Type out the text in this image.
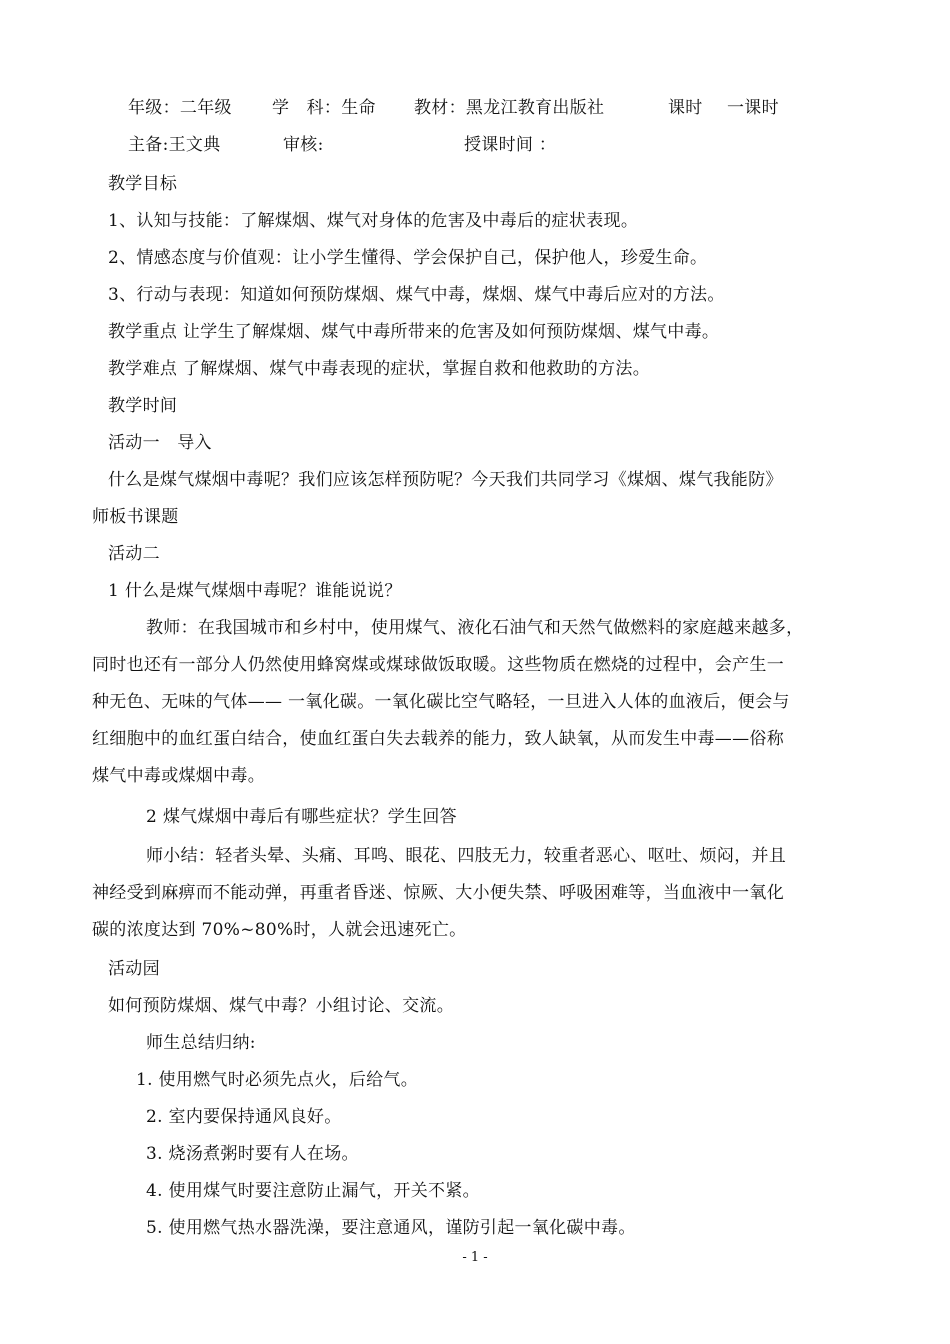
年级：二年级 学　科：生命 教材：黑龙江教育出版社	课时 一课时
主备:王文典	审核:	授课时间 ：
教学目标
1、认知与技能：了解煤烟、煤气对身体的危害及中毒后的症状表现。
2、情感态度与价值观：让小学生懂得、学会保护自己，保护他人，珍爱生命。
3、行动与表现：知道如何预防煤烟、煤气中毒，煤烟、煤气中毒后应对的方法。
教学重点 让学生了解煤烟、煤气中毒所带来的危害及如何预防煤烟、煤气中毒。
教学难点 了解煤烟、煤气中毒表现的症状，掌握自救和他救助的方法。
教学时间
活动一　导入
什么是煤气煤烟中毒呢？我们应该怎样预防呢？今天我们共同学习《煤烟、煤气我能防》
师板书课题
活动二
1 什么是煤气煤烟中毒呢？谁能说说？
教师：在我国城市和乡村中，使用煤气、液化石油气和天然气做燃料的家庭越来越多，
同时也还有一部分人仍然使用蜂窝煤或煤球做饭取暖。这些物质在燃烧的过程中，会产生一
种无色、无味的气体—— 一氧化碳。一氧化碳比空气略轻，一旦进入人体的血液后，便会与
红细胞中的血红蛋白结合，使血红蛋白失去载养的能力，致人缺氧，从而发生中毒——俗称
煤气中毒或煤烟中毒。
2 煤气煤烟中毒后有哪些症状？学生回答
师小结：轻者头晕、头痛、耳鸣、眼花、四肢无力，较重者恶心、呕吐、烦闷，并且
神经受到麻痹而不能动弹，再重者昏迷、惊厥、大小便失禁、呼吸困难等，当血液中一氧化
碳的浓度达到 70%~80%时，人就会迅速死亡。
活动园
如何预防煤烟、煤气中毒？小组讨论、交流。
师生总结归纳:
1. 使用燃气时必须先点火，后给气。
2. 室内要保持通风良好。
3. 烧汤煮粥时要有人在场。
4. 使用煤气时要注意防止漏气，开关不紧。
5. 使用燃气热水器洗澡，要注意通风，谨防引起一氧化碳中毒。
- 1 -
